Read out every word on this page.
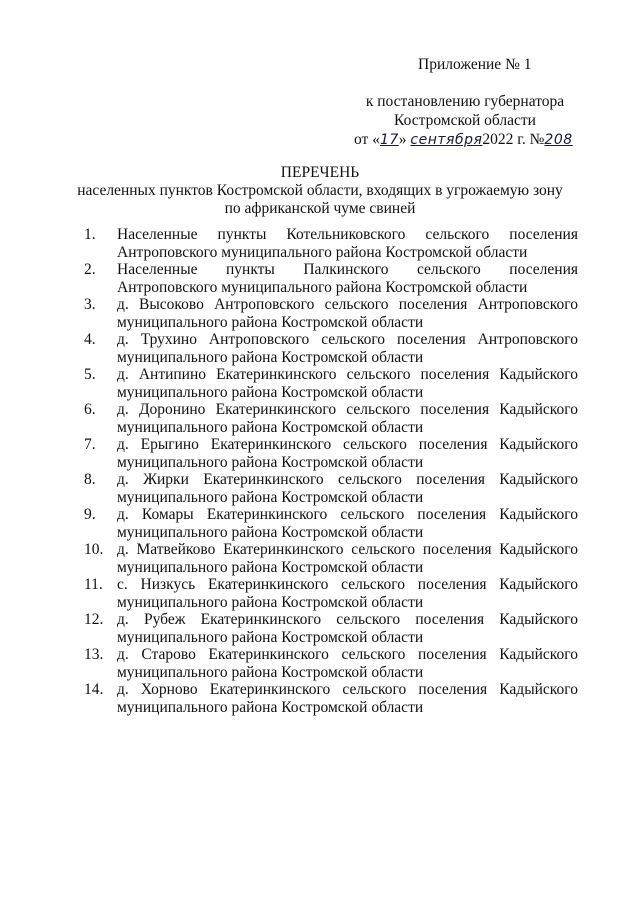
Приложение № 1
к постановлению губернатора
Костромской области
от «17» сентября2022 г. №208
ПЕРЕЧЕНЬ
населенных пунктов Костромской области, входящих в угрожаемую зону
по африканской чуме свиней
1. Населенные пункты Котельниковского сельского поселения Антроповского муниципального района Костромской области
2. Населенные пункты Палкинского сельского поселения Антроповского муниципального района Костромской области
3. д. Высоково Антроповского сельского поселения Антроповского муниципального района Костромской области
4. д. Трухино Антроповского сельского поселения Антроповского муниципального района Костромской области
5. д. Антипино Екатеринкинского сельского поселения Кадыйского муниципального района Костромской области
6. д. Доронино Екатеринкинского сельского поселения Кадыйского муниципального района Костромской области
7. д. Ерыгино Екатеринкинского сельского поселения Кадыйского муниципального района Костромской области
8. д. Жирки Екатеринкинского сельского поселения Кадыйского муниципального района Костромской области
9. д. Комары Екатеринкинского сельского поселения Кадыйского муниципального района Костромской области
10. д. Матвейково Екатеринкинского сельского поселения Кадыйского муниципального района Костромской области
11. с. Низкусь Екатеринкинского сельского поселения Кадыйского муниципального района Костромской области
12. д. Рубеж Екатеринкинского сельского поселения Кадыйского муниципального района Костромской области
13. д. Старово Екатеринкинского сельского поселения Кадыйского муниципального района Костромской области
14. д. Хорново Екатеринкинского сельского поселения Кадыйского муниципального района Костромской области
